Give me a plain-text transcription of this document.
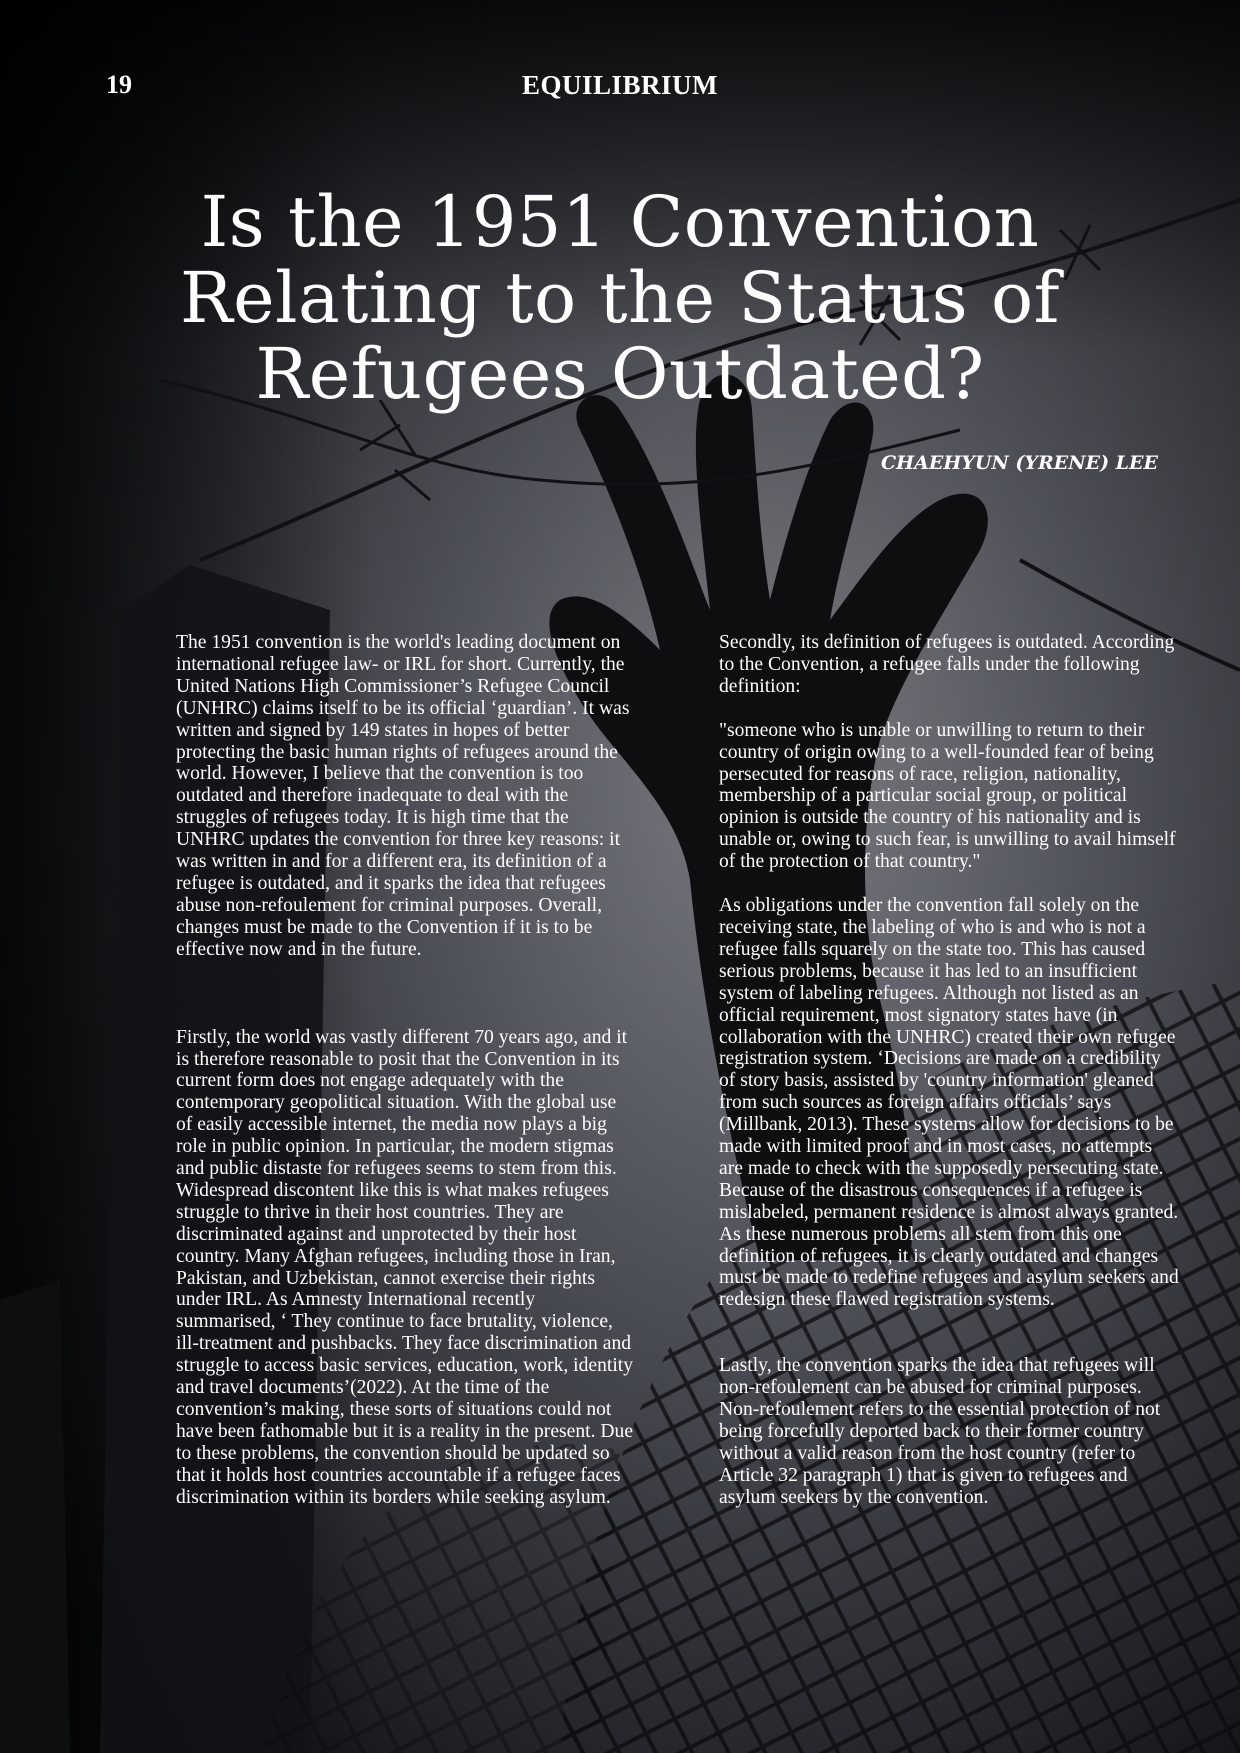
19	EQUILIBRIUM
Is the 1951 Convention
Relating to the Status of
Refugees Outdated?
CHAEHYUN (YRENE) LEE

The 1951 convention is the world's leading document on international refugee law- or IRL for short. Currently, the United Nations High Commissioner’s Refugee Council (UNHRC) claims itself to be its official ‘guardian’. It was written and signed by 149 states in hopes of better protecting the basic human rights of refugees around the world. However, I believe that the convention is too outdated and therefore inadequate to deal with the struggles of refugees today. It is high time that the UNHRC updates the convention for three key reasons: it was written in and for a different era, its definition of a refugee is outdated, and it sparks the idea that refugees abuse non-refoulement for criminal purposes. Overall, changes must be made to the Convention if it is to be effective now and in the future.

Firstly, the world was vastly different 70 years ago, and it is therefore reasonable to posit that the Convention in its current form does not engage adequately with the contemporary geopolitical situation. With the global use of easily accessible internet, the media now plays a big role in public opinion. In particular, the modern stigmas and public distaste for refugees seems to stem from this. Widespread discontent like this is what makes refugees struggle to thrive in their host countries. They are discriminated against and unprotected by their host country. Many Afghan refugees, including those in Iran, Pakistan, and Uzbekistan, cannot exercise their rights under IRL. As Amnesty International recently summarised, ‘ They continue to face brutality, violence, ill-treatment and pushbacks. They face discrimination and struggle to access basic services, education, work, identity and travel documents’(2022). At the time of the convention’s making, these sorts of situations could not have been fathomable but it is a reality in the present. Due to these problems, the convention should be updated so that it holds host countries accountable if a refugee faces discrimination within its borders while seeking asylum.

Secondly, its definition of refugees is outdated. According to the Convention, a refugee falls under the following definition:

"someone who is unable or unwilling to return to their country of origin owing to a well-founded fear of being persecuted for reasons of race, religion, nationality, membership of a particular social group, or political opinion is outside the country of his nationality and is unable or, owing to such fear, is unwilling to avail himself of the protection of that country."

As obligations under the convention fall solely on the receiving state, the labeling of who is and who is not a refugee falls squarely on the state too. This has caused serious problems, because it has led to an insufficient system of labeling refugees. Although not listed as an official requirement, most signatory states have (in collaboration with the UNHRC) created their own refugee registration system. ‘Decisions are made on a credibility of story basis, assisted by 'country information' gleaned from such sources as foreign affairs officials’ says (Millbank, 2013). These systems allow for decisions to be made with limited proof and in most cases, no attempts are made to check with the supposedly persecuting state. Because of the disastrous consequences if a refugee is mislabeled, permanent residence is almost always granted. As these numerous problems all stem from this one definition of refugees, it is clearly outdated and changes must be made to redefine refugees and asylum seekers and redesign these flawed registration systems.

Lastly, the convention sparks the idea that refugees will non-refoulement can be abused for criminal purposes. Non-refoulement refers to the essential protection of not being forcefully deported back to their former country without a valid reason from the host country (refer to Article 32 paragraph 1) that is given to refugees and asylum seekers by the convention.
